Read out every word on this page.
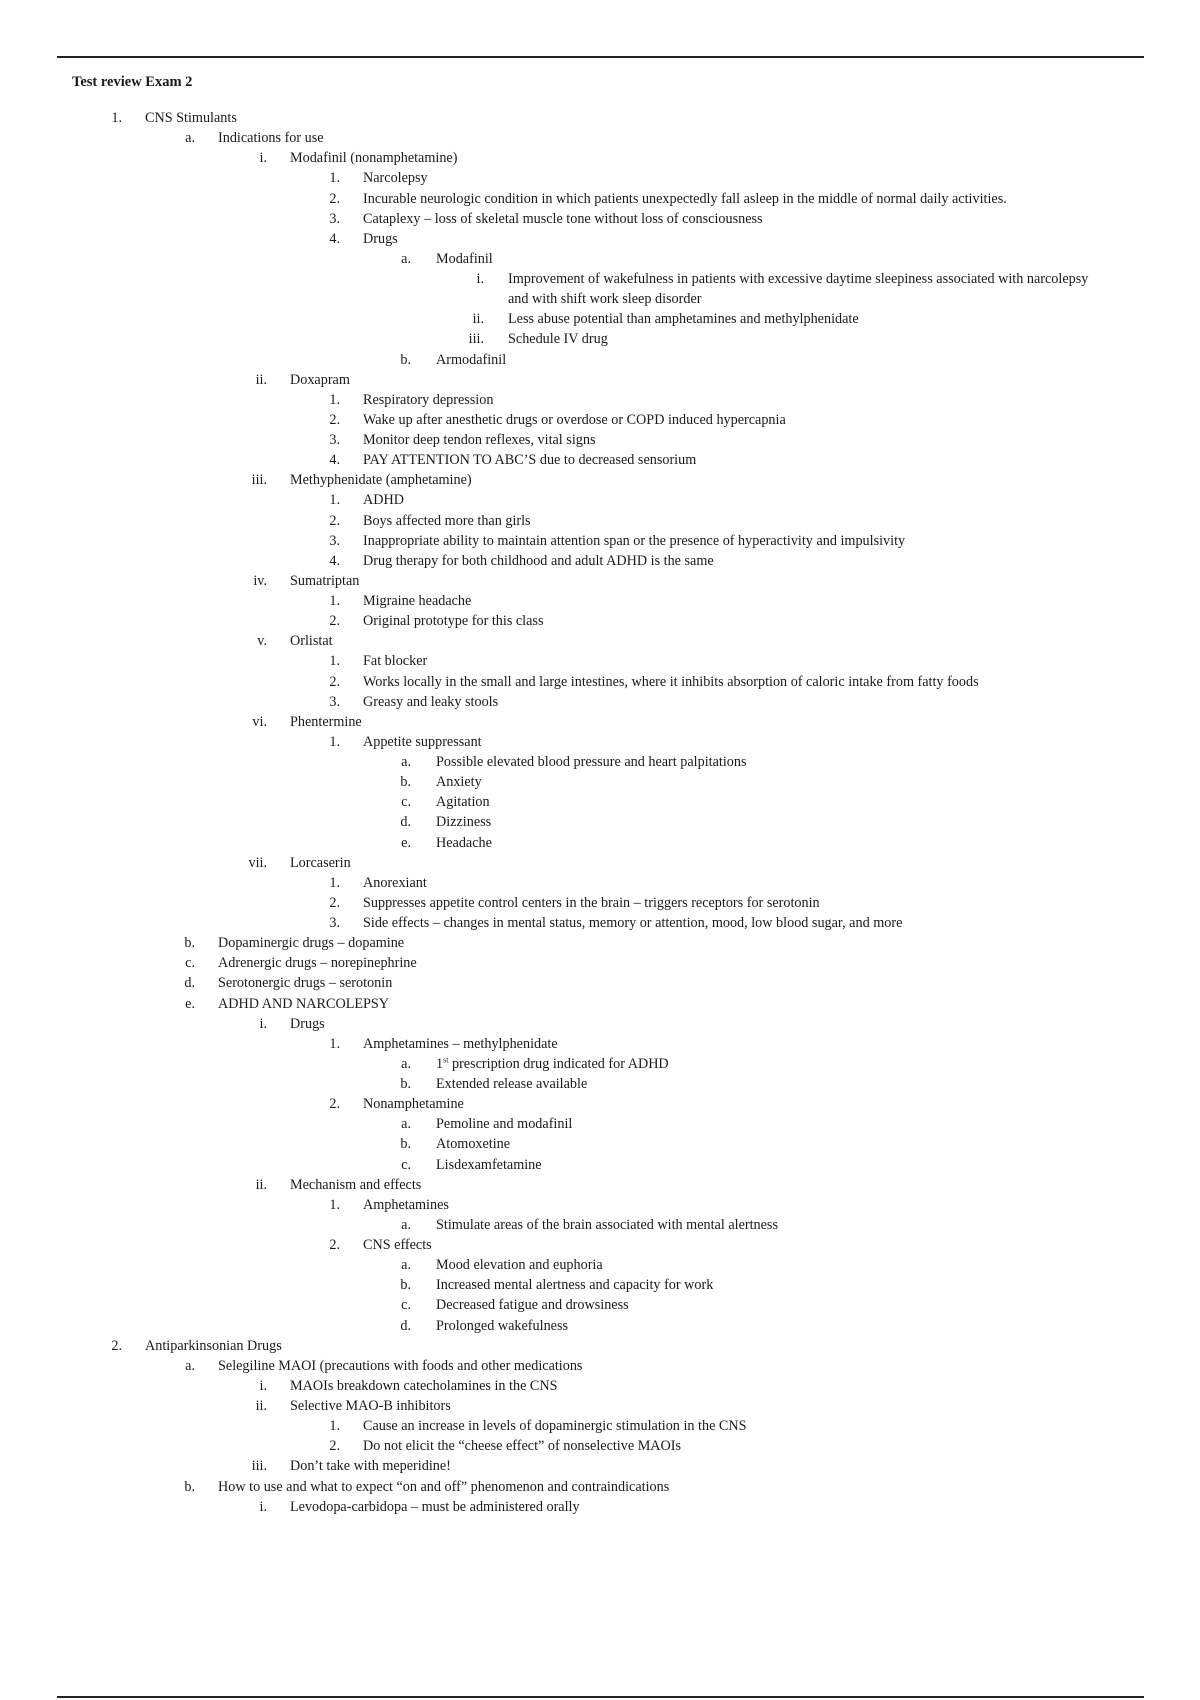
Test review Exam 2
1. CNS Stimulants
a. Indications for use
i. Modafinil (nonamphetamine)
1. Narcolepsy
2. Incurable neurologic condition in which patients unexpectedly fall asleep in the middle of normal daily activities.
3. Cataplexy – loss of skeletal muscle tone without loss of consciousness
4. Drugs
a. Modafinil
i. Improvement of wakefulness in patients with excessive daytime sleepiness associated with narcolepsy and with shift work sleep disorder
ii. Less abuse potential than amphetamines and methylphenidate
iii. Schedule IV drug
b. Armodafinil
ii. Doxapram
1. Respiratory depression
2. Wake up after anesthetic drugs or overdose or COPD induced hypercapnia
3. Monitor deep tendon reflexes, vital signs
4. PAY ATTENTION TO ABC’S due to decreased sensorium
iii. Methyphenidate (amphetamine)
1. ADHD
2. Boys affected more than girls
3. Inappropriate ability to maintain attention span or the presence of hyperactivity and impulsivity
4. Drug therapy for both childhood and adult ADHD is the same
iv. Sumatriptan
1. Migraine headache
2. Original prototype for this class
v. Orlistat
1. Fat blocker
2. Works locally in the small and large intestines, where it inhibits absorption of caloric intake from fatty foods
3. Greasy and leaky stools
vi. Phentermine
1. Appetite suppressant
a. Possible elevated blood pressure and heart palpitations
b. Anxiety
c. Agitation
d. Dizziness
e. Headache
vii. Lorcaserin
1. Anorexiant
2. Suppresses appetite control centers in the brain – triggers receptors for serotonin
3. Side effects – changes in mental status, memory or attention, mood, low blood sugar, and more
b. Dopaminergic drugs – dopamine
c. Adrenergic drugs – norepinephrine
d. Serotonergic drugs – serotonin
e. ADHD AND NARCOLEPSY
i. Drugs
1. Amphetamines – methylphenidate
a. 1st prescription drug indicated for ADHD
b. Extended release available
2. Nonamphetamine
a. Pemoline and modafinil
b. Atomoxetine
c. Lisdexamfetamine
ii. Mechanism and effects
1. Amphetamines
a. Stimulate areas of the brain associated with mental alertness
2. CNS effects
a. Mood elevation and euphoria
b. Increased mental alertness and capacity for work
c. Decreased fatigue and drowsiness
d. Prolonged wakefulness
2. Antiparkinsonian Drugs
a. Selegiline MAOI (precautions with foods and other medications
i. MAOIs breakdown catecholamines in the CNS
ii. Selective MAO-B inhibitors
1. Cause an increase in levels of dopaminergic stimulation in the CNS
2. Do not elicit the “cheese effect” of nonselective MAOIs
iii. Don’t take with meperidine!
b. How to use and what to expect “on and off” phenomenon and contraindications
i. Levodopa-carbidopa – must be administered orally
